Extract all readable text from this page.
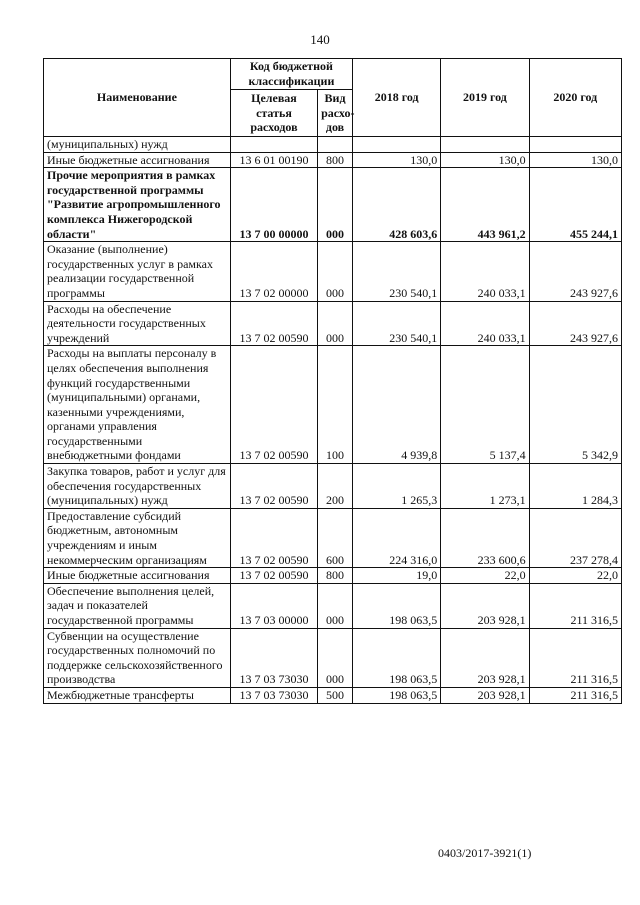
140
Наименование	Код бюджетной классификации		2018 год	2019 год	2020 год
	Целевая статья расходов	Вид расхо-дов			
(муниципальных) нужд					
Иные бюджетные ассигнования	13 6 01 00190	800	130,0	130,0	130,0
Прочие мероприятия в рамках государственной программы "Развитие агропромышленного комплекса Нижегородской области"	13 7 00 00000	000	428 603,6	443 961,2	455 244,1
Оказание (выполнение) государственных услуг в рамках реализации государственной программы	13 7 02 00000	000	230 540,1	240 033,1	243 927,6
Расходы на обеспечение деятельности государственных учреждений	13 7 02 00590	000	230 540,1	240 033,1	243 927,6
Расходы на выплаты персоналу в целях обеспечения выполнения функций государственными (муниципальными) органами, казенными учреждениями, органами управления государственными внебюджетными фондами	13 7 02 00590	100	4 939,8	5 137,4	5 342,9
Закупка товаров, работ и услуг для обеспечения государственных (муниципальных) нужд	13 7 02 00590	200	1 265,3	1 273,1	1 284,3
Предоставление субсидий бюджетным, автономным учреждениям и иным некоммерческим организациям	13 7 02 00590	600	224 316,0	233 600,6	237 278,4
Иные бюджетные ассигнования	13 7 02 00590	800	19,0	22,0	22,0
Обеспечение выполнения целей, задач и показателей государственной программы	13 7 03 00000	000	198 063,5	203 928,1	211 316,5
Субвенции на осуществление государственных полномочий по поддержке сельскохозяйственного производства	13 7 03 73030	000	198 063,5	203 928,1	211 316,5
Межбюджетные трансферты	13 7 03 73030	500	198 063,5	203 928,1	211 316,5
0403/2017-3921(1)
